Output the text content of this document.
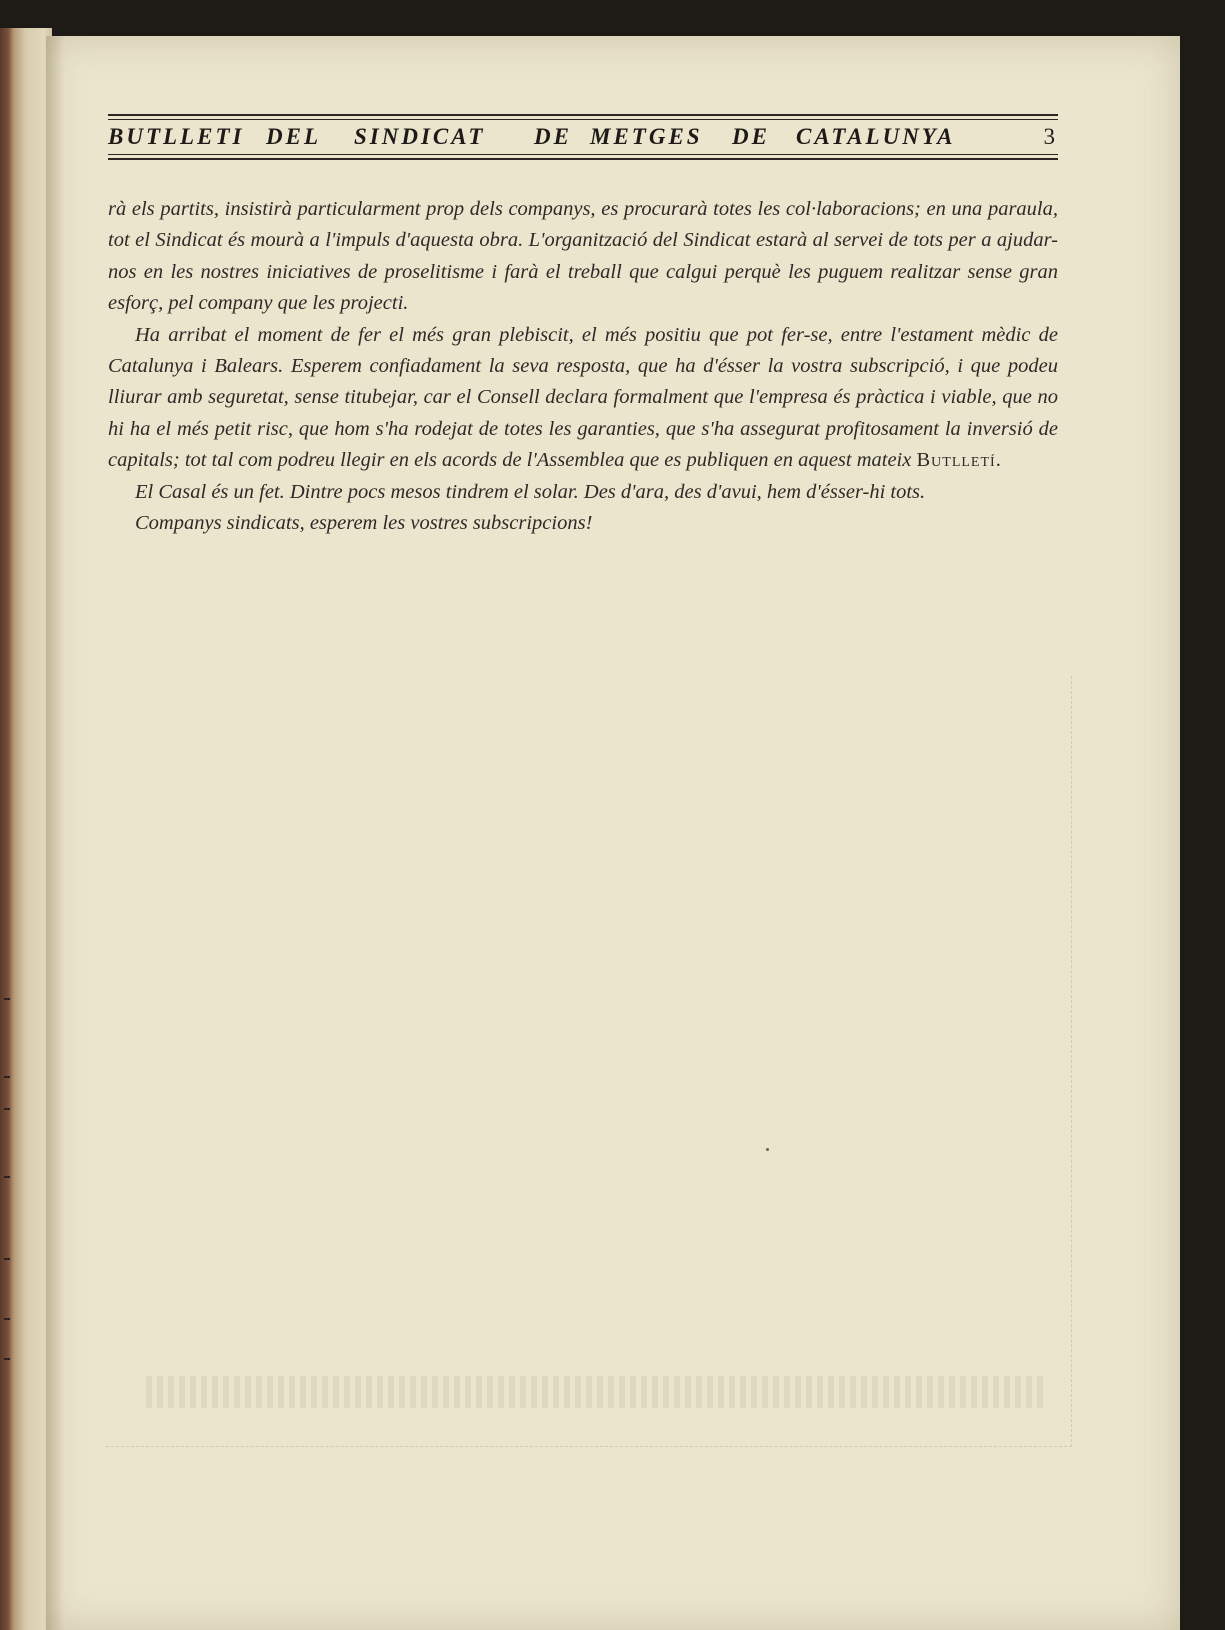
BUTLLETI DEL SINDICAT DE METGES DE CATALUNYA	3

rà els partits, insistirà particularment prop dels companys, es procurarà totes les col·laboracions; en una paraula, tot el Sindicat és mourà a l'impuls d'aquesta obra. L'organització del Sindicat estarà al servei de tots per a ajudar-nos en les nostres iniciatives de proselitisme i farà el treball que calgui perquè les puguem realitzar sense gran esforç, pel company que les projecti.

Ha arribat el moment de fer el més gran plebiscit, el més positiu que pot fer-se, entre l'estament mèdic de Catalunya i Balears. Esperem confiadament la seva resposta, que ha d'ésser la vostra subscripció, i que podeu lliurar amb seguretat, sense titubejar, car el Consell declara formalment que l'empresa és pràctica i viable, que no hi ha el més petit risc, que hom s'ha rodejat de totes les garanties, que s'ha assegurat profitosament la inversió de capitals; tot tal com podreu llegir en els acords de l'Assemblea que es publiquen en aquest mateix Butlletí.

El Casal és un fet. Dintre pocs mesos tindrem el solar. Des d'ara, des d'avui, hem d'ésser-hi tots.

Companys sindicats, esperem les vostres subscripcions!
